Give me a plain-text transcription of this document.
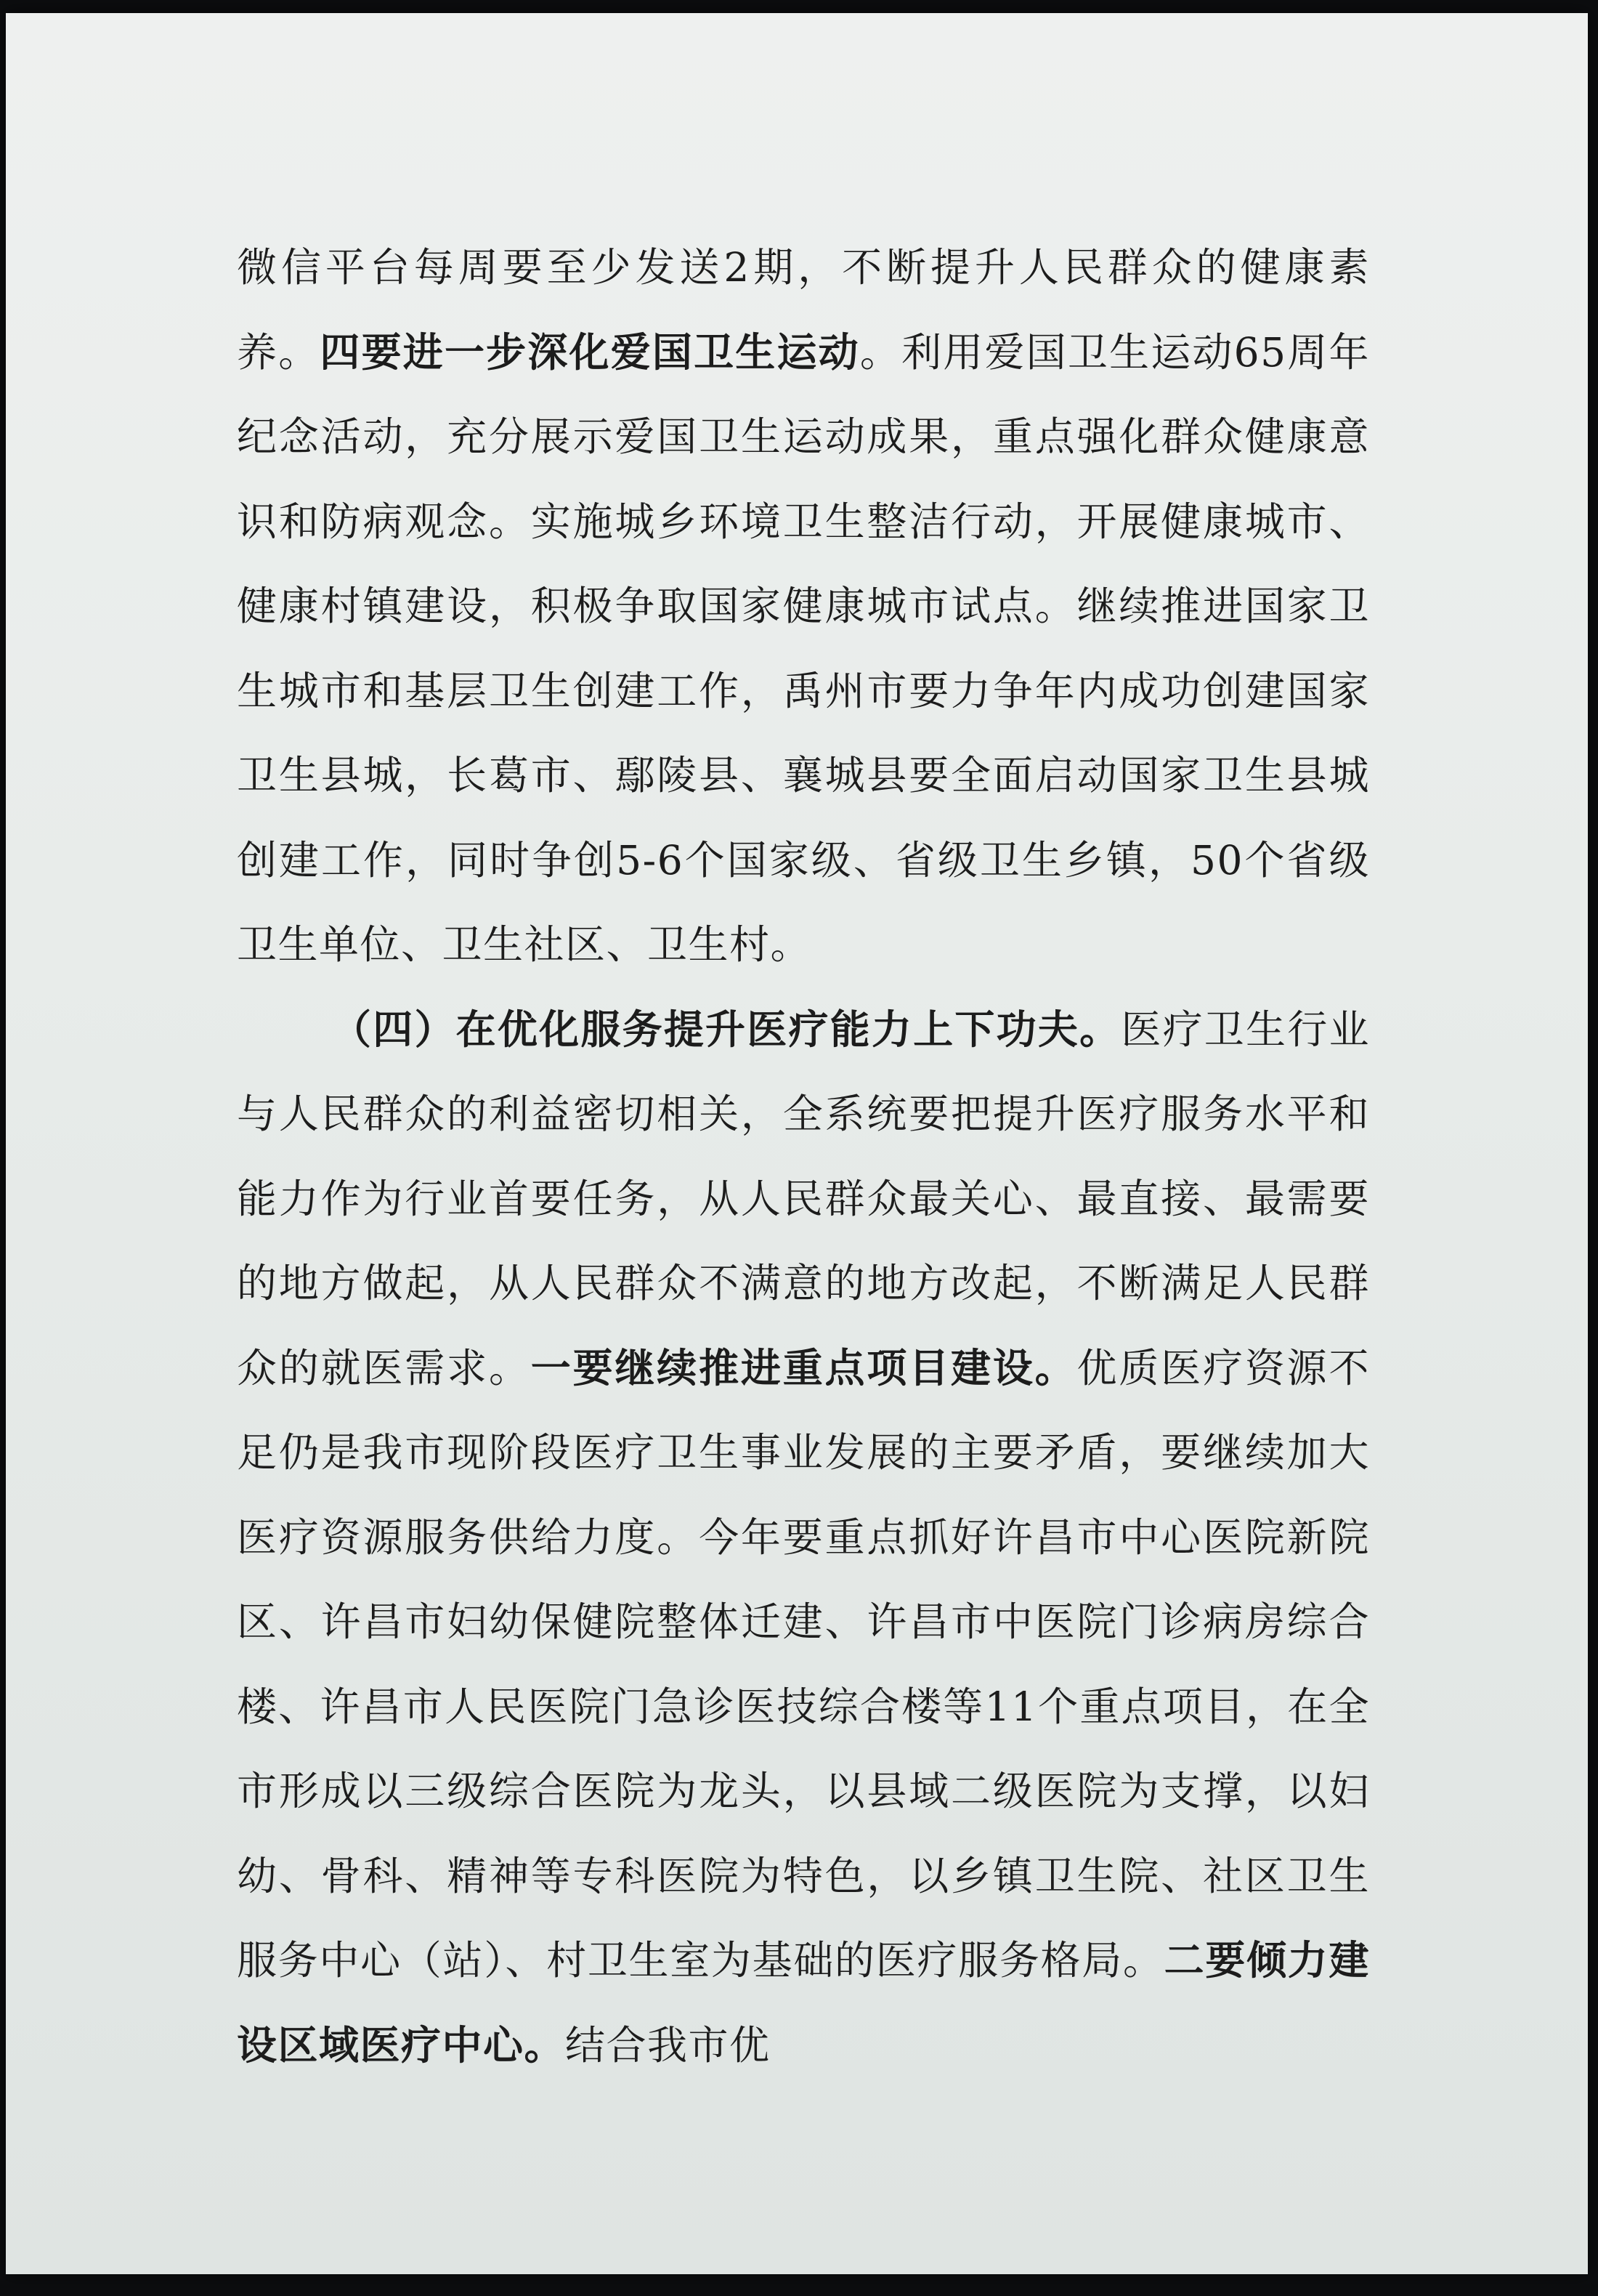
微信平台每周要至少发送2期，不断提升人民群众的健康素养。四要进一步深化爱国卫生运动。利用爱国卫生运动65周年纪念活动，充分展示爱国卫生运动成果，重点强化群众健康意识和防病观念。实施城乡环境卫生整洁行动，开展健康城市、健康村镇建设，积极争取国家健康城市试点。继续推进国家卫生城市和基层卫生创建工作，禹州市要力争年内成功创建国家卫生县城，长葛市、鄢陵县、襄城县要全面启动国家卫生县城创建工作，同时争创5-6个国家级、省级卫生乡镇，50个省级卫生单位、卫生社区、卫生村。

（四）在优化服务提升医疗能力上下功夫。医疗卫生行业与人民群众的利益密切相关，全系统要把提升医疗服务水平和能力作为行业首要任务，从人民群众最关心、最直接、最需要的地方做起，从人民群众不满意的地方改起，不断满足人民群众的就医需求。一要继续推进重点项目建设。优质医疗资源不足仍是我市现阶段医疗卫生事业发展的主要矛盾，要继续加大医疗资源服务供给力度。今年要重点抓好许昌市中心医院新院区、许昌市妇幼保健院整体迁建、许昌市中医院门诊病房综合楼、许昌市人民医院门急诊医技综合楼等11个重点项目，在全市形成以三级综合医院为龙头，以县域二级医院为支撑，以妇幼、骨科、精神等专科医院为特色，以乡镇卫生院、社区卫生服务中心（站）、村卫生室为基础的医疗服务格局。二要倾力建设区域医疗中心。结合我市优
